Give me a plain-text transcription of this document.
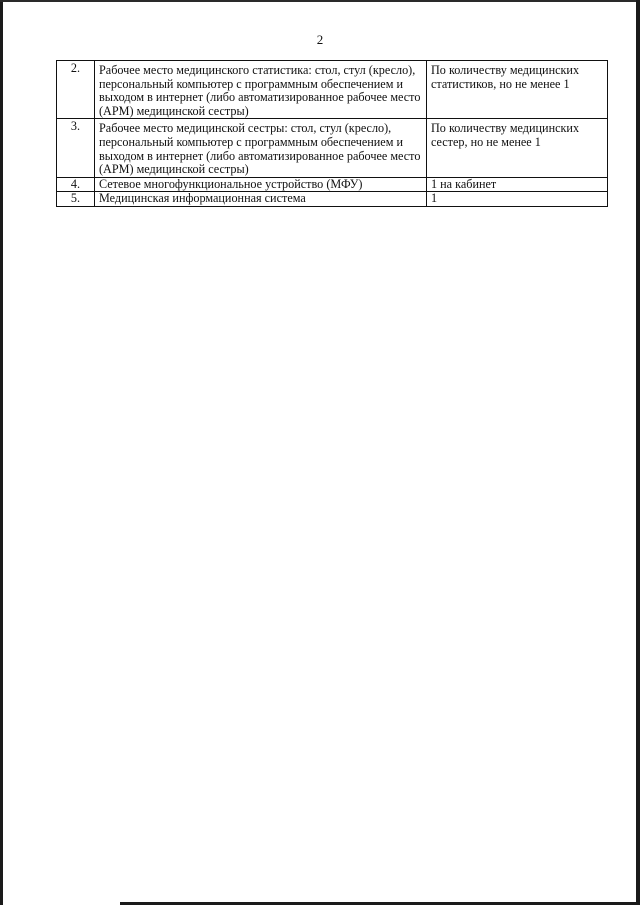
2
2.	Рабочее место медицинского статистика: стол, стул (кресло), персональный компьютер с программным обеспечением и выходом в интернет (либо автоматизированное рабочее место (АРМ) медицинской сестры)	По количеству медицинских статистиков, но не менее 1
3.	Рабочее место медицинской сестры: стол, стул (кресло), персональный компьютер с программным обеспечением и выходом в интернет (либо автоматизированное рабочее место (АРМ) медицинской сестры)	По количеству медицинских сестер, но не менее 1
4.	Сетевое многофункциональное устройство (МФУ)	1 на кабинет
5.	Медицинская информационная система	1
